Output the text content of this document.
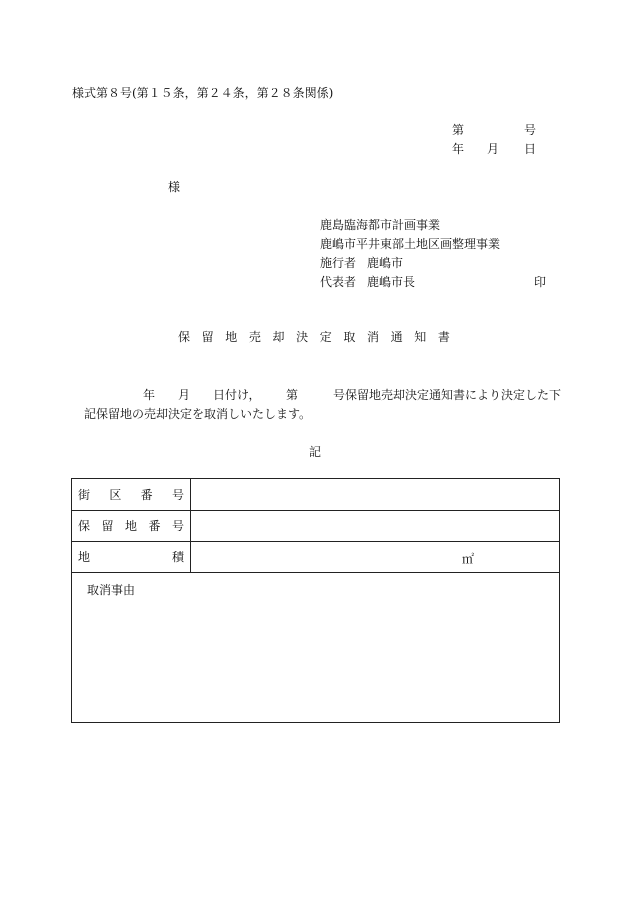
様式第８号(第１５条，第２４条，第２８条関係)
第	号
年 月 日
様
鹿島臨海都市計画事業
鹿嶋市平井東部土地区画整理事業
施行者 鹿嶋市
代表者 鹿嶋市長	印
保 留 地 売 却 決 定 取 消 通 知 書
年 月 日付け， 第	号保留地売却決定通知書により決定した下
記保留地の売却決定を取消しいたします。
記
街 区 番 号
保 留 地 番 号
地	積	㎡
取消事由
